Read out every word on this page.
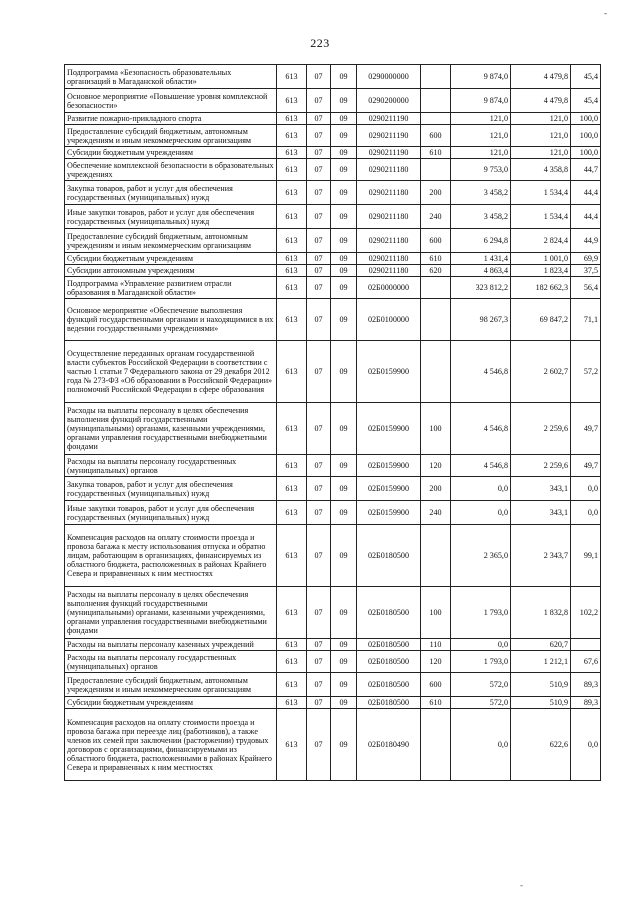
-
223
Подпрограмма «Безопасность образовательных организаций в Магаданской области»	613	07	09	0290000000		9 874,0	4 479,8	45,4
Основное мероприятие «Повышение уровня комплексной безопасности»	613	07	09	0290200000		9 874,0	4 479,8	45,4
Развитие пожарно-прикладного спорта	613	07	09	0290211190		121,0	121,0	100,0
Предоставление субсидий бюджетным, автономным учреждениям и иным некоммерческим организациям	613	07	09	0290211190	600	121,0	121,0	100,0
Субсидии бюджетным учреждениям	613	07	09	0290211190	610	121,0	121,0	100,0
Обеспечение комплексной безопасности в образовательных учреждениях	613	07	09	0290211180		9 753,0	4 358,8	44,7
Закупка товаров, работ и услуг для обеспечения государственных (муниципальных) нужд	613	07	09	0290211180	200	3 458,2	1 534,4	44,4
Иные закупки товаров, работ и услуг для обеспечения государственных (муниципальных) нужд	613	07	09	0290211180	240	3 458,2	1 534,4	44,4
Предоставление субсидий бюджетным, автономным учреждениям и иным некоммерческим организациям	613	07	09	0290211180	600	6 294,8	2 824,4	44,9
Субсидии бюджетным учреждениям	613	07	09	0290211180	610	1 431,4	1 001,0	69,9
Субсидии автономным учреждениям	613	07	09	0290211180	620	4 863,4	1 823,4	37,5
Подпрограмма «Управление развитием отрасли образования в Магаданской области»	613	07	09	02Б0000000		323 812,2	182 662,3	56,4
Основное мероприятие «Обеспечение выполнения функций государственными органами и находящимися в их ведении государственными учреждениями»	613	07	09	02Б0100000		98 267,3	69 847,2	71,1
Осуществление переданных органам государственной власти субъектов Российской Федерации в соответствии с частью 1 статьи 7 Федерального закона от 29 декабря 2012 года № 273-ФЗ «Об образовании в Российской Федерации» полномочий Российской Федерации в сфере образования	613	07	09	02Б0159900		4 546,8	2 602,7	57,2
Расходы на выплаты персоналу в целях обеспечения выполнения функций государственными (муниципальными) органами, казенными учреждениями, органами управления государственными внебюджетными фондами	613	07	09	02Б0159900	100	4 546,8	2 259,6	49,7
Расходы на выплаты персоналу государственных (муниципальных) органов	613	07	09	02Б0159900	120	4 546,8	2 259,6	49,7
Закупка товаров, работ и услуг для обеспечения государственных (муниципальных) нужд	613	07	09	02Б0159900	200	0,0	343,1	0,0
Иные закупки товаров, работ и услуг для обеспечения государственных (муниципальных) нужд	613	07	09	02Б0159900	240	0,0	343,1	0,0
Компенсация расходов на оплату стоимости проезда и провоза багажа к месту использования отпуска и обратно лицам, работающим в организациях, финансируемых из областного бюджета, расположенных в районах Крайнего Севера и приравненных к ним местностях	613	07	09	02Б0180500		2 365,0	2 343,7	99,1
Расходы на выплаты персоналу в целях обеспечения выполнения функций государственными (муниципальными) органами, казенными учреждениями, органами управления государственными внебюджетными фондами	613	07	09	02Б0180500	100	1 793,0	1 832,8	102,2
Расходы на выплаты персоналу казенных учреждений	613	07	09	02Б0180500	110	0,0	620,7	
Расходы на выплаты персоналу государственных (муниципальных) органов	613	07	09	02Б0180500	120	1 793,0	1 212,1	67,6
Предоставление субсидий бюджетным, автономным учреждениям и иным некоммерческим организациям	613	07	09	02Б0180500	600	572,0	510,9	89,3
Субсидии бюджетным учреждениям	613	07	09	02Б0180500	610	572,0	510,9	89,3
Компенсация расходов на оплату стоимости проезда и провоза багажа при переезде лиц (работников), а также членов их семей при заключении (расторжении) трудовых договоров с организациями, финансируемыми из областного бюджета, расположенными в районах Крайнего Севера и приравненных к ним местностях	613	07	09	02Б0180490		0,0	622,6	0,0
-
